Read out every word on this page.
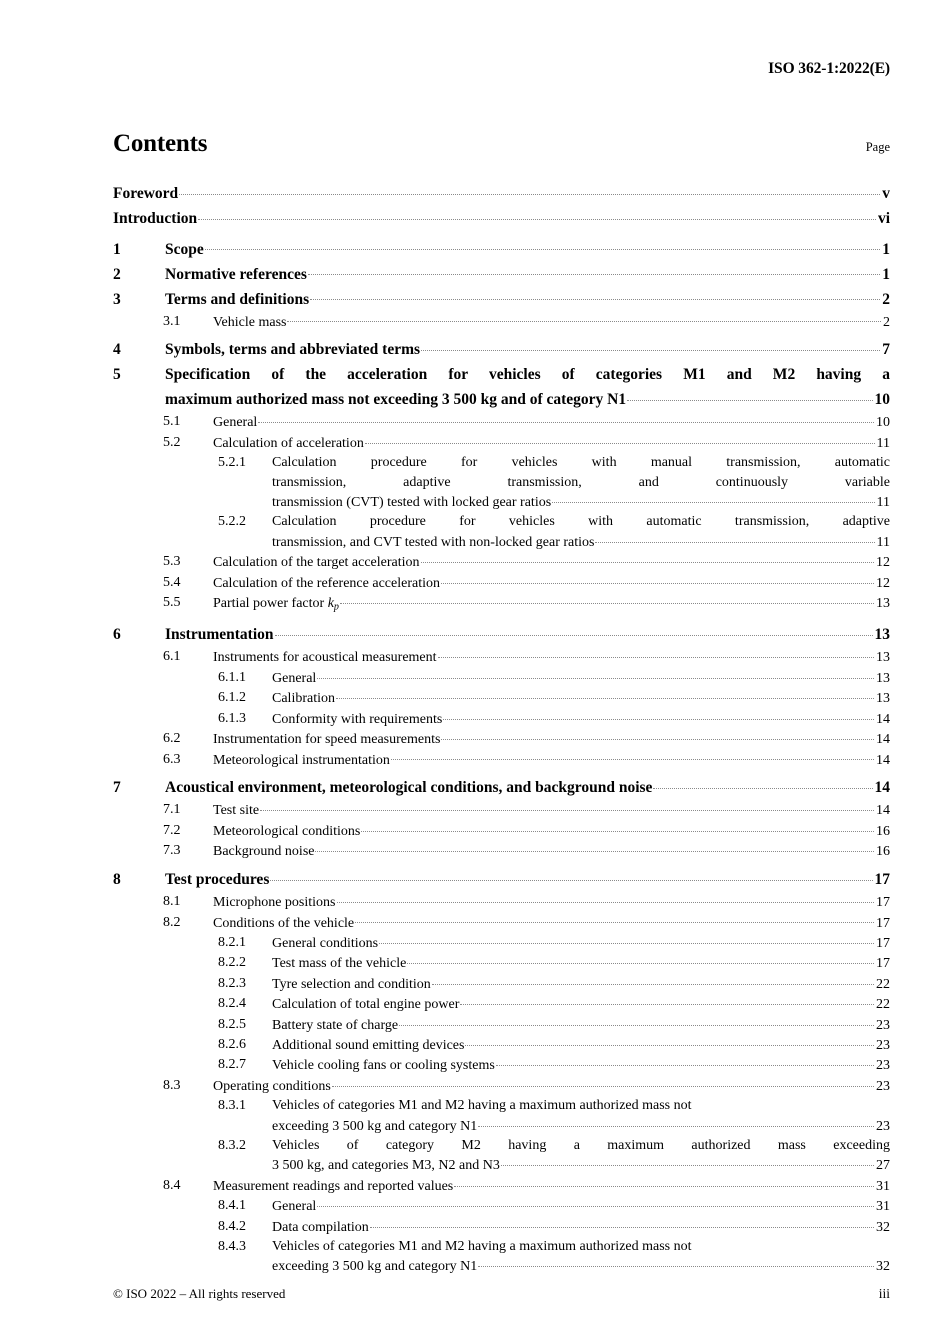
ISO 362-1:2022(E)
Contents	Page
Foreword	v
Introduction	vi
1	Scope	1
2	Normative references	1
3	Terms and definitions	2
3.1	Vehicle mass	2
4	Symbols, terms and abbreviated terms	7
5	Specification of the acceleration for vehicles of categories M1 and M2 having a
maximum authorized mass not exceeding 3 500 kg and of category N1	10
5.1	General	10
5.2	Calculation of acceleration	11
5.2.1	Calculation procedure for vehicles with manual transmission, automatic
transmission, adaptive transmission, and continuously variable
transmission (CVT) tested with locked gear ratios	11
5.2.2	Calculation procedure for vehicles with automatic transmission, adaptive
transmission, and CVT tested with non-locked gear ratios	11
5.3	Calculation of the target acceleration	12
5.4	Calculation of the reference acceleration	12
5.5	Partial power factor $k_p$	13
6	Instrumentation	13
6.1	Instruments for acoustical measurement	13
6.1.1	General	13
6.1.2	Calibration	13
6.1.3	Conformity with requirements	14
6.2	Instrumentation for speed measurements	14
6.3	Meteorological instrumentation	14
7	Acoustical environment, meteorological conditions, and background noise	14
7.1	Test site	14
7.2	Meteorological conditions	16
7.3	Background noise	16
8	Test procedures	17
8.1	Microphone positions	17
8.2	Conditions of the vehicle	17
8.2.1	General conditions	17
8.2.2	Test mass of the vehicle	17
8.2.3	Tyre selection and condition	22
8.2.4	Calculation of total engine power	22
8.2.5	Battery state of charge	23
8.2.6	Additional sound emitting devices	23
8.2.7	Vehicle cooling fans or cooling systems	23
8.3	Operating conditions	23
8.3.1	Vehicles of categories M1 and M2 having a maximum authorized mass not
exceeding 3 500 kg and category N1	23
8.3.2	Vehicles of category M2 having a maximum authorized mass exceeding
3 500 kg, and categories M3, N2 and N3	27
8.4	Measurement readings and reported values	31
8.4.1	General	31
8.4.2	Data compilation	32
8.4.3	Vehicles of categories M1 and M2 having a maximum authorized mass not
exceeding 3 500 kg and category N1	32
© ISO 2022 – All rights reserved	iii
